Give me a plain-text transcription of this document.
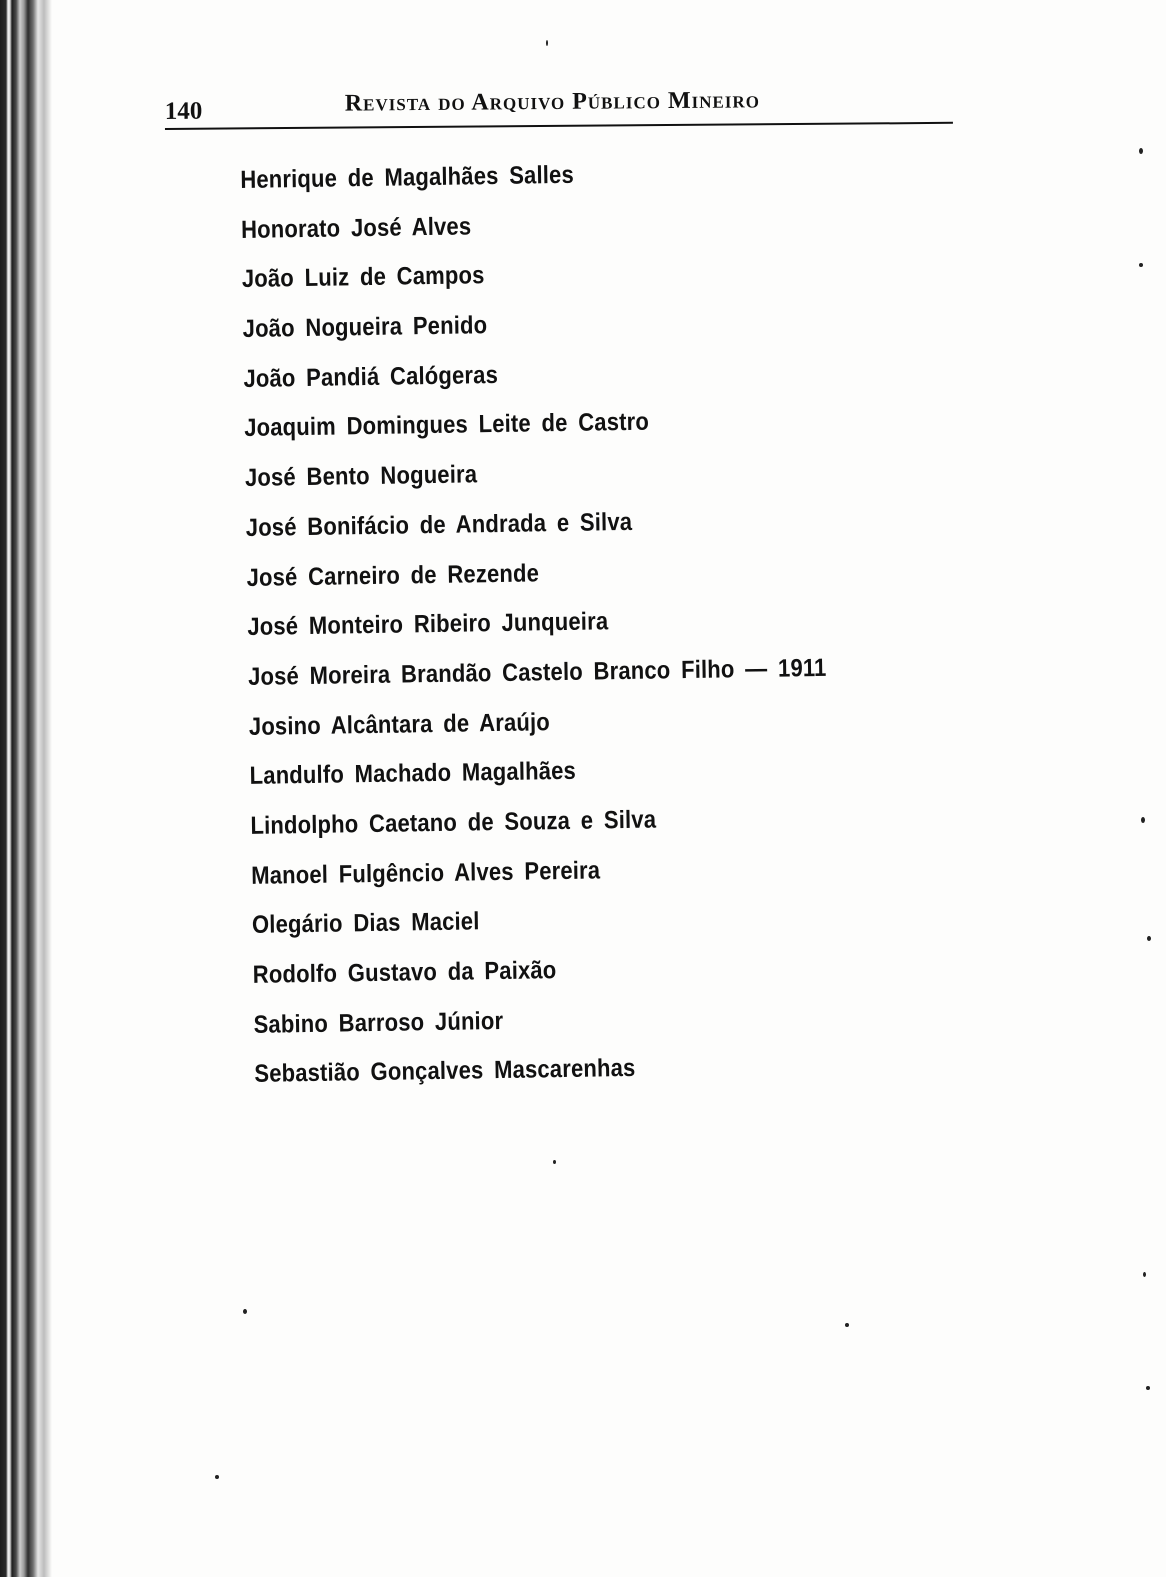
140	Revista do Arquivo Público Mineiro
Henrique de Magalhães Salles
Honorato José Alves
João Luiz de Campos
João Nogueira Penido
João Pandiá Calógeras
Joaquim Domingues Leite de Castro
José Bento Nogueira
José Bonifácio de Andrada e Silva
José Carneiro de Rezende
José Monteiro Ribeiro Junqueira
José Moreira Brandão Castelo Branco Filho — 1911
Josino Alcântara de Araújo
Landulfo Machado Magalhães
Lindolpho Caetano de Souza e Silva
Manoel Fulgêncio Alves Pereira
Olegário Dias Maciel
Rodolfo Gustavo da Paixão
Sabino Barroso Júnior
Sebastião Gonçalves Mascarenhas
